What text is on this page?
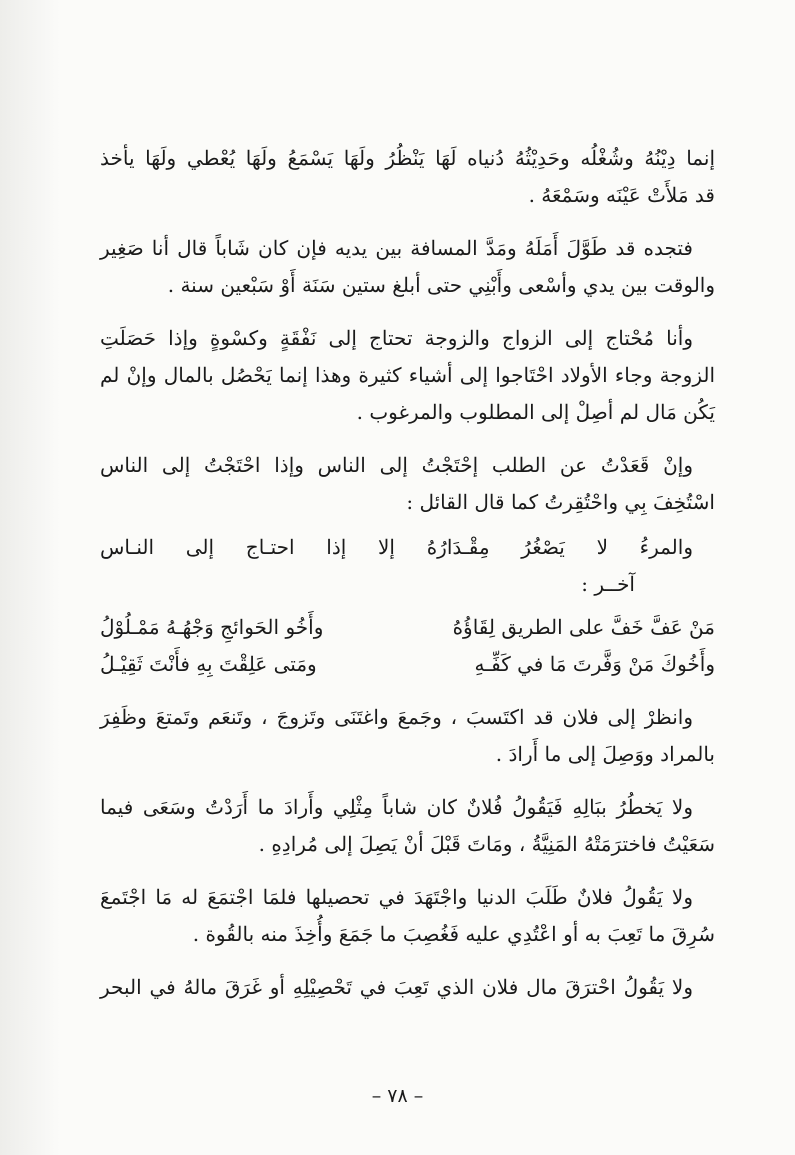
إنما دِيْنُهُ وشُغْلُه وحَدِيْثُهُ دُنياه لَهَا يَنْظُرُ ولَهَا يَسْمَعُ ولَهَا يُعْطي ولَهَا يأخذ
قد مَلأَتْ عَيْنَه وسَمْعَهُ .

فتجده قد طَوَّلَ أَمَلَهُ ومَدَّ المسافة بين يديه فإن كان شَاباً قال أنا صَغِير
والوقت بين يدي وأسْعى وأَبْنِي حتى أبلغ ستين سَنَة أَوْ سَبْعين سنة .

وأنا مُحْتاج إلى الزواج والزوجة تحتاج إلى نَفْقَةٍ وكسْوةٍ وإذا حَصَلَتِ
الزوجة وجاء الأولاد احْتَاجوا إلى أشياء كثيرة وهذا إنما يَحْصُل بالمال وإنْ لم
يَكُن مَال لم أصِلْ إلى المطلوب والمرغوب .

وإنْ قَعَدْتُ عن الطلب إحْتَجْتُ إلى الناس وإذا احْتَجْتُ إلى الناس
اسْتُخِفَ بِي واحْتُقِرتُ كما قال القائل :

والمرءُ لا يَصْغُرُ مِقْـدَارُهُ إلا إذا احتـاج إلى النـاس
آخــر :
مَنْ عَفَّ خَفَّ على الطريق لِقَاؤُهُ
وأَخُو الحَوائجِ وَجْهُـهُ مَمْـلُوْلُ
وأَخُوكَ مَنْ وَفَّرتَ مَا في كَفِّـهِ
ومَتى عَلِقْتَ بِهِ فأَنْتَ ثَقِيْـلُ

وانظرْ إلى فلان قد اكتَسبَ ، وجَمعَ واغتَنَى وتَزوجَ ، وتَنعَم وتَمتعَ وظَفِرَ
بالمراد ووَصِلَ إلى ما أَرادَ .

ولا يَخطُرُ ببَالِهِ فَيَقُولُ فُلانٌ كان شاباً مِثْلِي وأَرادَ ما أَرَدْتُ وسَعَى فيما
سَعَيْتُ فاخترَمَتْهُ المَنِيَّةُ ، ومَاتَ قَبْلَ أنْ يَصِلَ إلى مُرادِهِ .

ولا يَقُولُ فلانٌ طَلَبَ الدنيا واجْتَهَدَ في تحصيلها فلمَا اجْتمَعَ له مَا اجْتَمعَ
سُرِقَ ما تَعِبَ به أو اعْتُدِي عليه فَغُصِبَ ما جَمَعَ وأُخِذَ منه بالقُوة .

ولا يَقُولُ احْترَقَ مال فلان الذي تَعِبَ في تَحْصِيْلِهِ أو غَرَقَ مالهُ في البحر

– ٧٨ –
